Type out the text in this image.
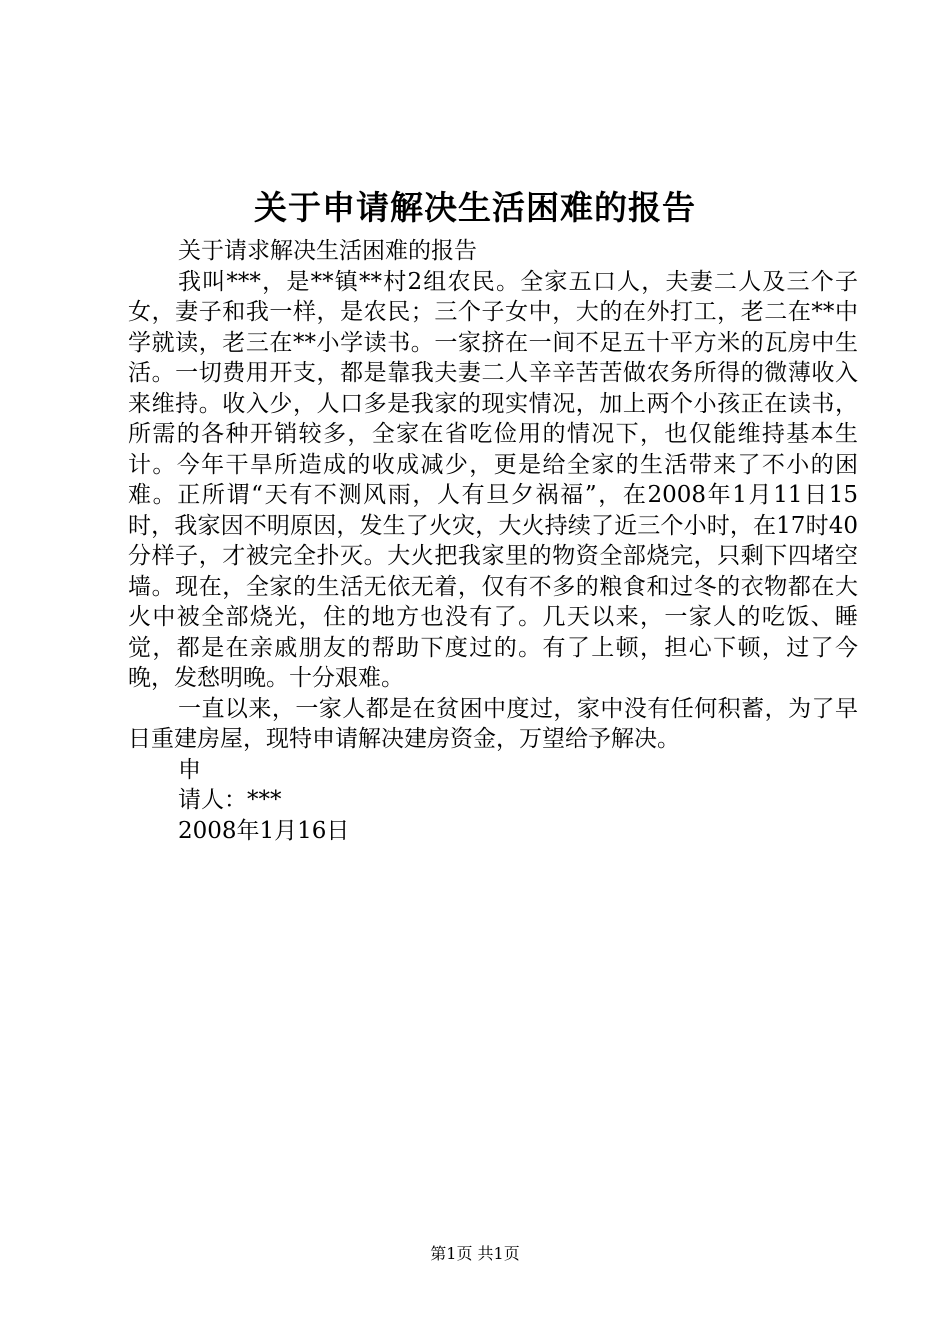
关于申请解决生活困难的报告

关于请求解决生活困难的报告

我叫***，是**镇**村2组农民。全家五口人，夫妻二人及三个子女，妻子和我一样，是农民；三个子女中，大的在外打工，老二在**中学就读，老三在**小学读书。一家挤在一间不足五十平方米的瓦房中生活。一切费用开支，都是靠我夫妻二人辛辛苦苦做农务所得的微薄收入来维持。收入少，人口多是我家的现实情况，加上两个小孩正在读书，所需的各种开销较多，全家在省吃俭用的情况下，也仅能维持基本生计。今年干旱所造成的收成减少，更是给全家的生活带来了不小的困难。正所谓“天有不测风雨，人有旦夕祸福”，在2008年1月11日15时，我家因不明原因，发生了火灾，大火持续了近三个小时，在17时40分样子，才被完全扑灭。大火把我家里的物资全部烧完，只剩下四堵空墙。现在，全家的生活无依无着，仅有不多的粮食和过冬的衣物都在大火中被全部烧光，住的地方也没有了。几天以来，一家人的吃饭、睡觉，都是在亲戚朋友的帮助下度过的。有了上顿，担心下顿，过了今晚，发愁明晚。十分艰难。

一直以来，一家人都是在贫困中度过，家中没有任何积蓄，为了早日重建房屋，现特申请解决建房资金，万望给予解决。

申

请人：***

2008年1月16日

第1页 共1页
